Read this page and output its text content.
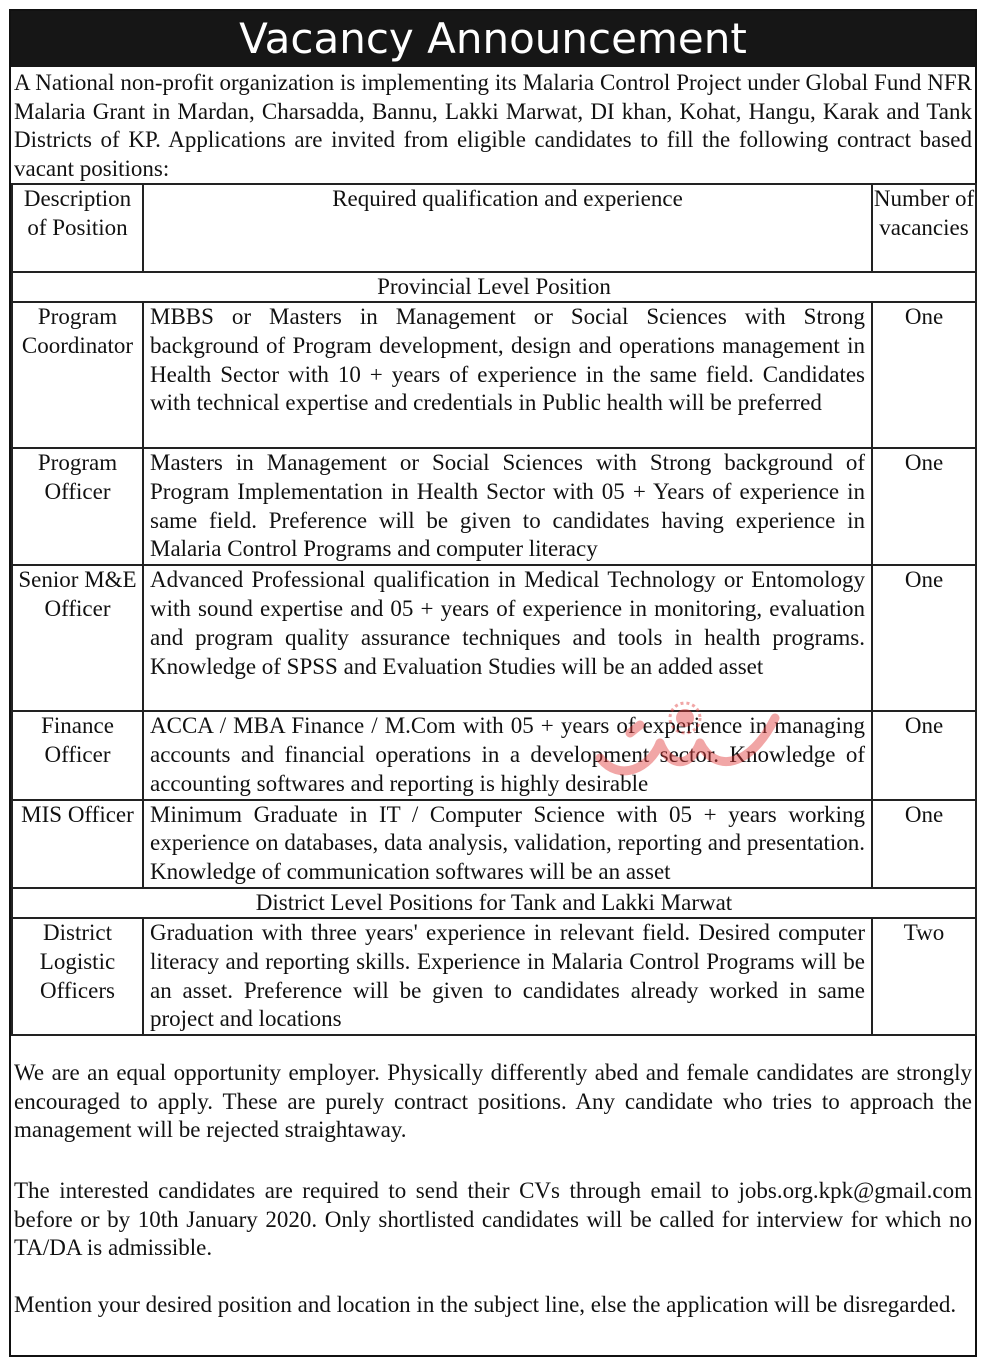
Vacancy Announcement
A National non-profit organization is implementing its Malaria Control Project under Global Fund NFR Malaria Grant in Mardan, Charsadda, Bannu, Lakki Marwat, DI khan, Kohat, Hangu, Karak and Tank Districts of KP. Applications are invited from eligible candidates to fill the following contract based vacant positions:
Description of Position	Required qualification and experience	Number of vacancies
Provincial Level Position		
Program Coordinator	MBBS or Masters in Management or Social Sciences with Strong background of Program development, design and operations management in Health Sector with 10 + years of experience in the same field. Candidates with technical expertise and credentials in Public health will be preferred	One
Program Officer	Masters in Management or Social Sciences with Strong background of Program Implementation in Health Sector with 05 + Years of experience in same field. Preference will be given to candidates having experience in Malaria Control Programs and computer literacy	One
Senior M&E Officer	Advanced Professional qualification in Medical Technology or Entomology with sound expertise and 05 + years of experience in monitoring, evaluation and program quality assurance techniques and tools in health programs. Knowledge of SPSS and Evaluation Studies will be an added asset	One
Finance Officer	ACCA / MBA Finance / M.Com with 05 + years of experience in managing accounts and financial operations in a development sector. Knowledge of accounting softwares and reporting is highly desirable	One
MIS Officer	Minimum Graduate in IT / Computer Science with 05 + years working experience on databases, data analysis, validation, reporting and presentation. Knowledge of communication softwares will be an asset	One
District Level Positions for Tank and Lakki Marwat		
District Logistic Officers	Graduation with three years' experience in relevant field. Desired computer literacy and reporting skills. Experience in Malaria Control Programs will be an asset. Preference will be given to candidates already worked in same project and locations	Two
We are an equal opportunity employer. Physically differently abed and female candidates are strongly encouraged to apply. These are purely contract positions. Any candidate who tries to approach the management will be rejected straightaway.
The interested candidates are required to send their CVs through email to jobs.org.kpk@gmail.com before or by 10th January 2020. Only shortlisted candidates will be called for interview for which no TA/DA is admissible.
Mention your desired position and location in the subject line, else the application will be disregarded.
